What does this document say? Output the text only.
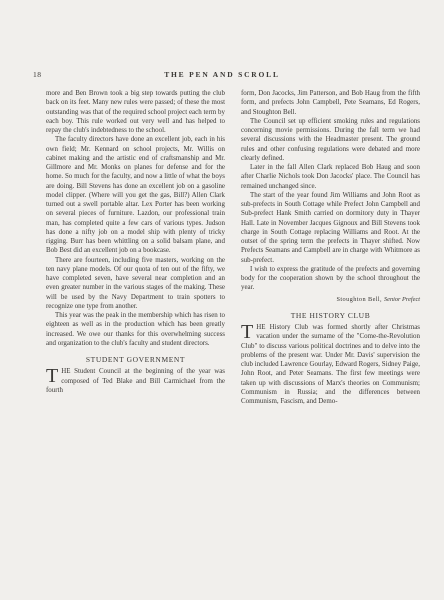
18	THE PEN AND SCROLL

more and Ben Brown took a big step towards putting the club back on its feet. Many new rules were passed; of these the most outstanding was that of the required school project each term by each boy. This rule worked out very well and has helped to repay the club's indebtedness to the school.

The faculty directors have done an excellent job, each in his own field; Mr. Kennard on school projects, Mr. Willis on cabinet making and the artistic end of craftsmanship and Mr. Gillmore and Mr. Monks on planes for defense and for the home. So much for the faculty, and now a little of what the boys are doing. Bill Stevens has done an excellent job on a gasoline model clipper. (Where will you get the gas, Bill?) Allen Clark turned out a swell portable altar. Lex Porter has been working on several pieces of furniture. Lazdon, our professional train man, has completed quite a few cars of various types. Judson has done a nifty job on a model ship with plenty of tricky rigging. Burr has been whittling on a solid balsam plane, and Bob Best did an excellent job on a bookcase.

There are fourteen, including five masters, working on the ten navy plane models. Of our quota of ten out of the fifty, we have completed seven, have several near completion and an even greater number in the various stages of the making. These will be used by the Navy Department to train spotters to recognize one type from another.

This year was the peak in the membership which has risen to eighteen as well as in the production which has been greatly increased. We owe our thanks for this overwhelming success and organization to the club's faculty and student directors.

STUDENT GOVERNMENT

THE Student Council at the beginning of the year was composed of Ted Blake and Bill Carmichael from the fourth

form, Don Jacocks, Jim Patterson, and Bob Haug from the fifth form, and prefects John Campbell, Pete Seamans, Ed Rogers, and Stoughton Bell.

The Council set up efficient smoking rules and regulations concerning movie permissions. During the fall term we had several discussions with the Headmaster present. The ground rules and other confusing regulations were debated and more clearly defined.

Later in the fall Allen Clark replaced Bob Haug and soon after Charlie Nichols took Don Jacocks' place. The Council has remained unchanged since.

The start of the year found Jim Williams and John Root as sub-prefects in South Cottage while Prefect John Campbell and Sub-prefect Hank Smith carried on dormitory duty in Thayer Hall. Late in November Jacques Gignoux and Bill Stevens took charge in South Cottage replacing Williams and Root. At the outset of the spring term the prefects in Thayer shifted. Now Prefects Seamans and Campbell are in charge with Whitmore as sub-prefect.

I wish to express the gratitude of the prefects and governing body for the cooperation shown by the school throughout the year.

Stoughton Bell, Senior Prefect
THE HISTORY CLUB

THE History Club was formed shortly after Christmas vacation under the surname of the "Come-the-Revolution Club" to discuss various political doctrines and to delve into the problems of the present war. Under Mr. Davis' supervision the club included Lawrence Gourlay, Edward Rogers, Sidney Paige, John Root, and Peter Seamans. The first few meetings were taken up with discussions of Marx's theories on Communism; Communism in Russia; and the differences between Communism, Fascism, and Demo-
